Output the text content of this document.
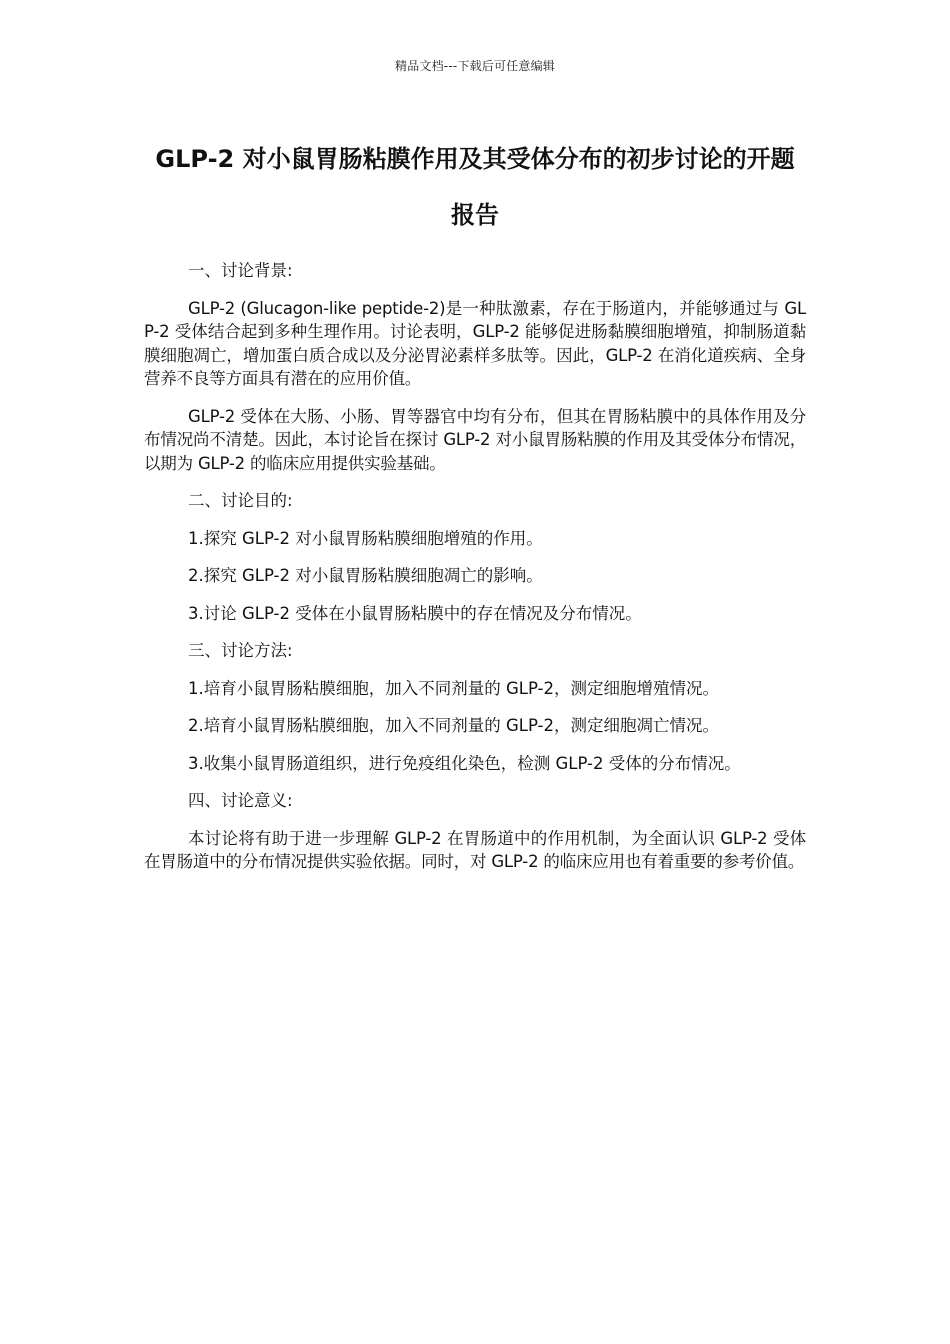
精品文档---下载后可任意编辑
GLP-2 对小鼠胃肠粘膜作用及其受体分布的初步讨论的开题报告

一、讨论背景:

GLP-2 (Glucagon-like peptide-2)是一种肽激素，存在于肠道内，并能够通过与 GLP-2 受体结合起到多种生理作用。讨论表明，GLP-2 能够促进肠黏膜细胞增殖，抑制肠道黏膜细胞凋亡，增加蛋白质合成以及分泌胃泌素样多肽等。因此，GLP-2 在消化道疾病、全身营养不良等方面具有潜在的应用价值。

GLP-2 受体在大肠、小肠、胃等器官中均有分布，但其在胃肠粘膜中的具体作用及分布情况尚不清楚。因此，本讨论旨在探讨 GLP-2 对小鼠胃肠粘膜的作用及其受体分布情况，以期为 GLP-2 的临床应用提供实验基础。

二、讨论目的:

1.探究 GLP-2 对小鼠胃肠粘膜细胞增殖的作用。

2.探究 GLP-2 对小鼠胃肠粘膜细胞凋亡的影响。

3.讨论 GLP-2 受体在小鼠胃肠粘膜中的存在情况及分布情况。

三、讨论方法:

1.培育小鼠胃肠粘膜细胞，加入不同剂量的 GLP-2，测定细胞增殖情况。

2.培育小鼠胃肠粘膜细胞，加入不同剂量的 GLP-2，测定细胞凋亡情况。

3.收集小鼠胃肠道组织，进行免疫组化染色，检测 GLP-2 受体的分布情况。

四、讨论意义:

本讨论将有助于进一步理解 GLP-2 在胃肠道中的作用机制，为全面认识 GLP-2 受体在胃肠道中的分布情况提供实验依据。同时，对 GLP-2 的临床应用也有着重要的参考价值。
